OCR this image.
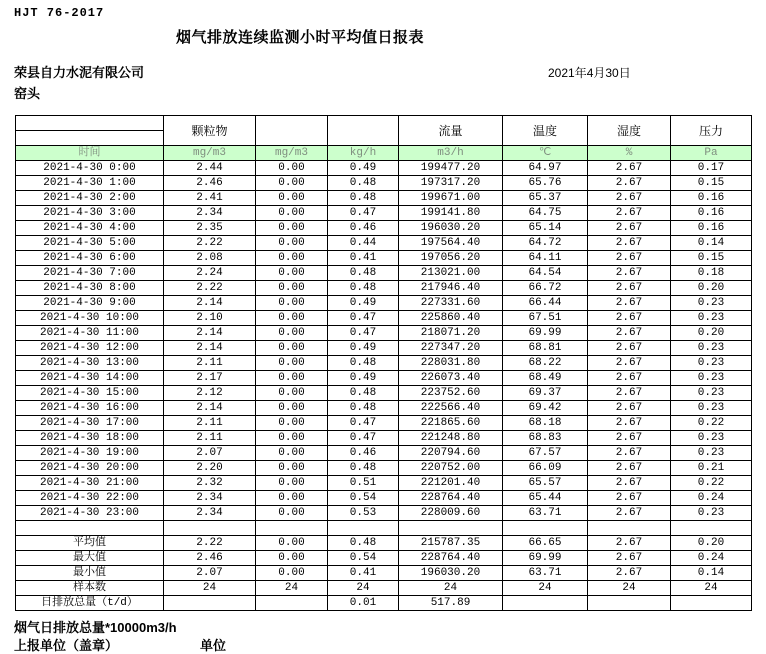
HJT 76-2017
烟气排放连续监测小时平均值日报表
荣县自力水泥有限公司	2021年4月30日
窑头
	颗粒物			流量	温度	湿度	压力

时间	mg/m3	mg/m3	kg/h	m3/h	℃	%	Pa
2021-4-30 0:00	2.44	0.00	0.49	199477.20	64.97	2.67	0.17
2021-4-30 1:00	2.46	0.00	0.48	197317.20	65.76	2.67	0.15
2021-4-30 2:00	2.41	0.00	0.48	199671.00	65.37	2.67	0.16
2021-4-30 3:00	2.34	0.00	0.47	199141.80	64.75	2.67	0.16
2021-4-30 4:00	2.35	0.00	0.46	196030.20	65.14	2.67	0.16
2021-4-30 5:00	2.22	0.00	0.44	197564.40	64.72	2.67	0.14
2021-4-30 6:00	2.08	0.00	0.41	197056.20	64.11	2.67	0.15
2021-4-30 7:00	2.24	0.00	0.48	213021.00	64.54	2.67	0.18
2021-4-30 8:00	2.22	0.00	0.48	217946.40	66.72	2.67	0.20
2021-4-30 9:00	2.14	0.00	0.49	227331.60	66.44	2.67	0.23
2021-4-30 10:00	2.10	0.00	0.47	225860.40	67.51	2.67	0.23
2021-4-30 11:00	2.14	0.00	0.47	218071.20	69.99	2.67	0.20
2021-4-30 12:00	2.14	0.00	0.49	227347.20	68.81	2.67	0.23
2021-4-30 13:00	2.11	0.00	0.48	228031.80	68.22	2.67	0.23
2021-4-30 14:00	2.17	0.00	0.49	226073.40	68.49	2.67	0.23
2021-4-30 15:00	2.12	0.00	0.48	223752.60	69.37	2.67	0.23
2021-4-30 16:00	2.14	0.00	0.48	222566.40	69.42	2.67	0.23
2021-4-30 17:00	2.11	0.00	0.47	221865.60	68.18	2.67	0.22
2021-4-30 18:00	2.11	0.00	0.47	221248.80	68.83	2.67	0.23
2021-4-30 19:00	2.07	0.00	0.46	220794.60	67.57	2.67	0.23
2021-4-30 20:00	2.20	0.00	0.48	220752.00	66.09	2.67	0.21
2021-4-30 21:00	2.32	0.00	0.51	221201.40	65.57	2.67	0.22
2021-4-30 22:00	2.34	0.00	0.54	228764.40	65.44	2.67	0.24
2021-4-30 23:00	2.34	0.00	0.53	228009.60	63.71	2.67	0.23

平均值	2.22	0.00	0.48	215787.35	66.65	2.67	0.20
最大值	2.46	0.00	0.54	228764.40	69.99	2.67	0.24
最小值	2.07	0.00	0.41	196030.20	63.71	2.67	0.14
样本数	24	24	24	24	24	24	24
日排放总量（t/d）			0.01	517.89			
烟气日排放总量*10000m3/h
上报单位（盖章）	单位
